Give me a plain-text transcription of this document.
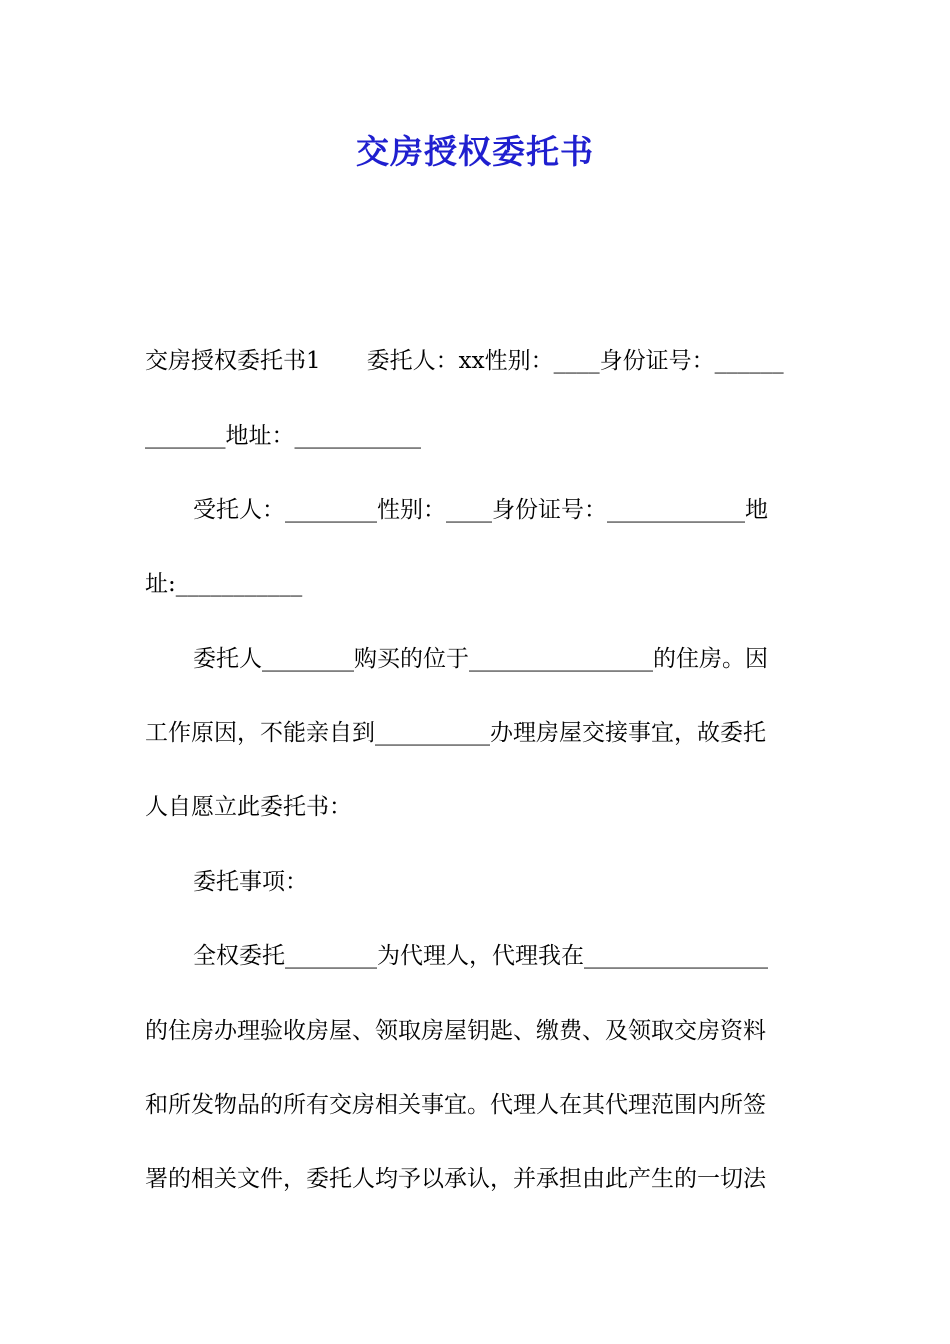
交房授权委托书
交房授权委托书1　　委托人：xx性别：____身份证号：______
_______地址：___________
受托人：________性别：____身份证号：____________地
址:___________
委托人________购买的位于________________的住房。因
工作原因，不能亲自到__________办理房屋交接事宜，故委托
人自愿立此委托书：
委托事项：
全权委托________为代理人，代理我在________________
的住房办理验收房屋、领取房屋钥匙、缴费、及领取交房资料
和所发物品的所有交房相关事宜。代理人在其代理范围内所签
署的相关文件，委托人均予以承认，并承担由此产生的一切法
